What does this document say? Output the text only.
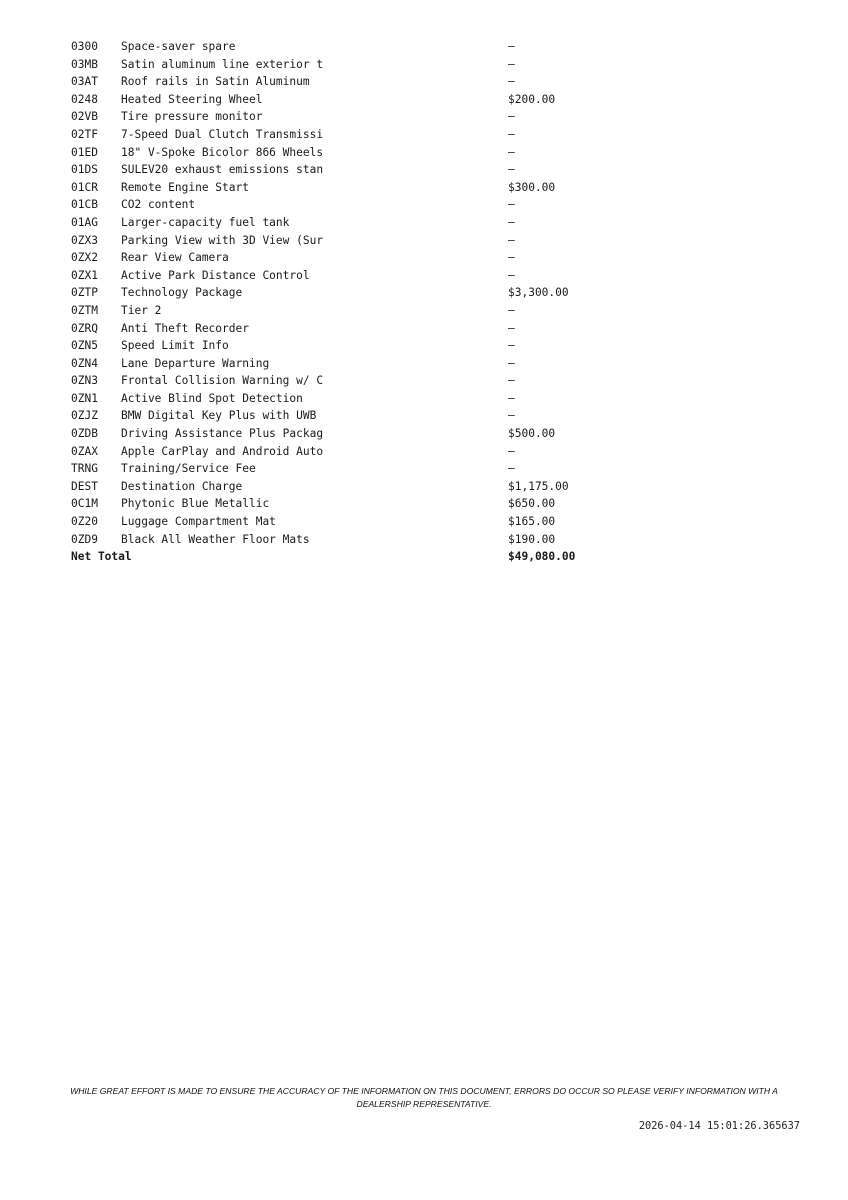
0300 Space-saver spare	—
03MB Satin aluminum line exterior t	—
03AT Roof rails in Satin Aluminum	—
0248 Heated Steering Wheel	$200.00
02VB Tire pressure monitor	—
02TF 7-Speed Dual Clutch Transmissi	—
01ED 18" V-Spoke Bicolor 866 Wheels	—
01DS SULEV20 exhaust emissions stan	—
01CR Remote Engine Start	$300.00
01CB CO2 content	—
01AG Larger-capacity fuel tank	—
0ZX3 Parking View with 3D View (Sur	—
0ZX2 Rear View Camera	—
0ZX1 Active Park Distance Control	—
0ZTP Technology Package	$3,300.00
0ZTM Tier 2	—
0ZRQ Anti Theft Recorder	—
0ZN5 Speed Limit Info	—
0ZN4 Lane Departure Warning	—
0ZN3 Frontal Collision Warning w/ C	—
0ZN1 Active Blind Spot Detection	—
0ZJZ BMW Digital Key Plus with UWB	—
0ZDB Driving Assistance Plus Packag	$500.00
0ZAX Apple CarPlay and Android Auto	—
TRNG Training/Service Fee	—
DEST Destination Charge	$1,175.00
0C1M Phytonic Blue Metallic	$650.00
0Z20 Luggage Compartment Mat	$165.00
0ZD9 Black All Weather Floor Mats	$190.00
Net Total	$49,080.00
WHILE GREAT EFFORT IS MADE TO ENSURE THE ACCURACY OF THE INFORMATION ON THIS DOCUMENT, ERRORS DO OCCUR SO PLEASE VERIFY INFORMATION WITH A DEALERSHIP REPRESENTATIVE.
2026-04-14 15:01:26.365637
